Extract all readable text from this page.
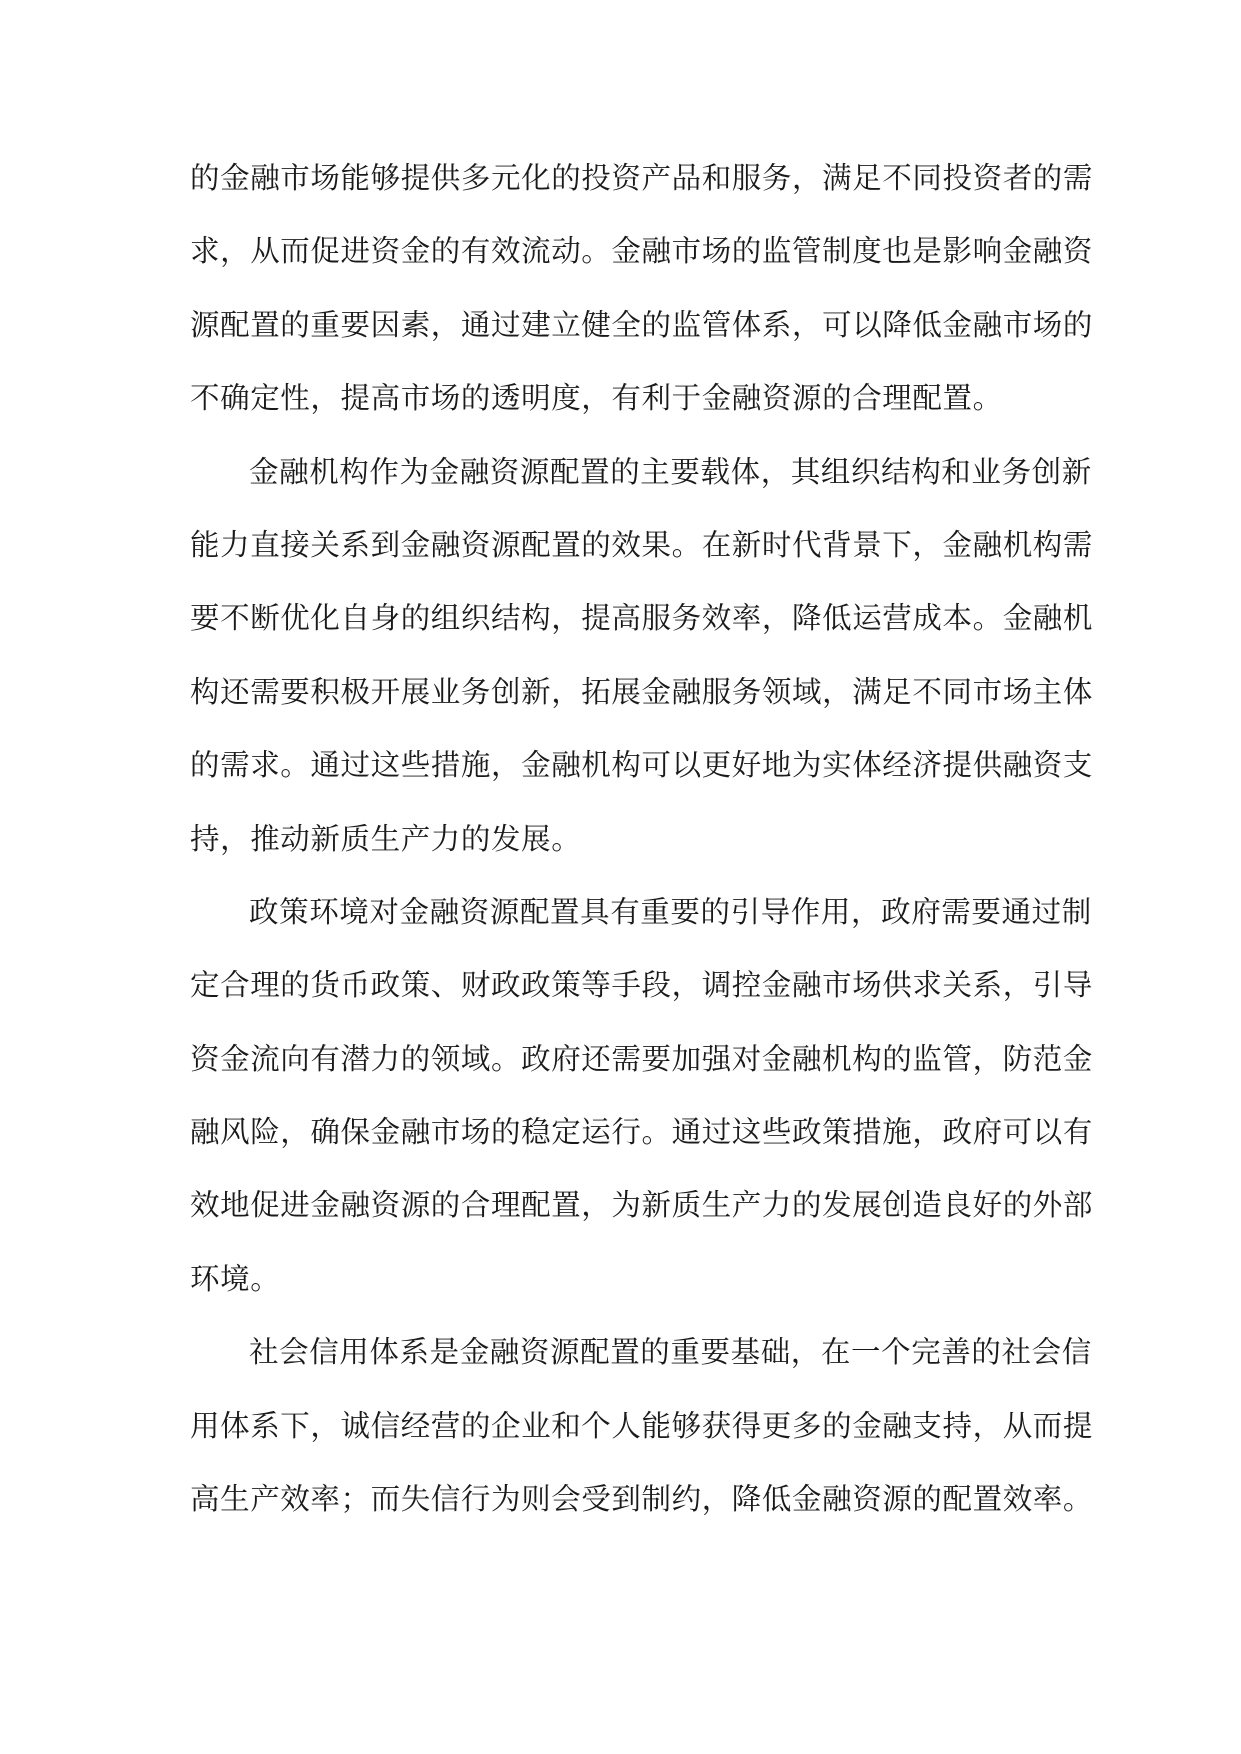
的金融市场能够提供多元化的投资产品和服务，满足不同投资者的需
求，从而促进资金的有效流动。金融市场的监管制度也是影响金融资
源配置的重要因素，通过建立健全的监管体系，可以降低金融市场的
不确定性，提高市场的透明度，有利于金融资源的合理配置。
金融机构作为金融资源配置的主要载体，其组织结构和业务创新
能力直接关系到金融资源配置的效果。在新时代背景下，金融机构需
要不断优化自身的组织结构，提高服务效率，降低运营成本。金融机
构还需要积极开展业务创新，拓展金融服务领域，满足不同市场主体
的需求。通过这些措施，金融机构可以更好地为实体经济提供融资支
持，推动新质生产力的发展。
政策环境对金融资源配置具有重要的引导作用，政府需要通过制
定合理的货币政策、财政政策等手段，调控金融市场供求关系，引导
资金流向有潜力的领域。政府还需要加强对金融机构的监管，防范金
融风险，确保金融市场的稳定运行。通过这些政策措施，政府可以有
效地促进金融资源的合理配置，为新质生产力的发展创造良好的外部
环境。
社会信用体系是金融资源配置的重要基础，在一个完善的社会信
用体系下，诚信经营的企业和个人能够获得更多的金融支持，从而提
高生产效率；而失信行为则会受到制约，降低金融资源的配置效率。
